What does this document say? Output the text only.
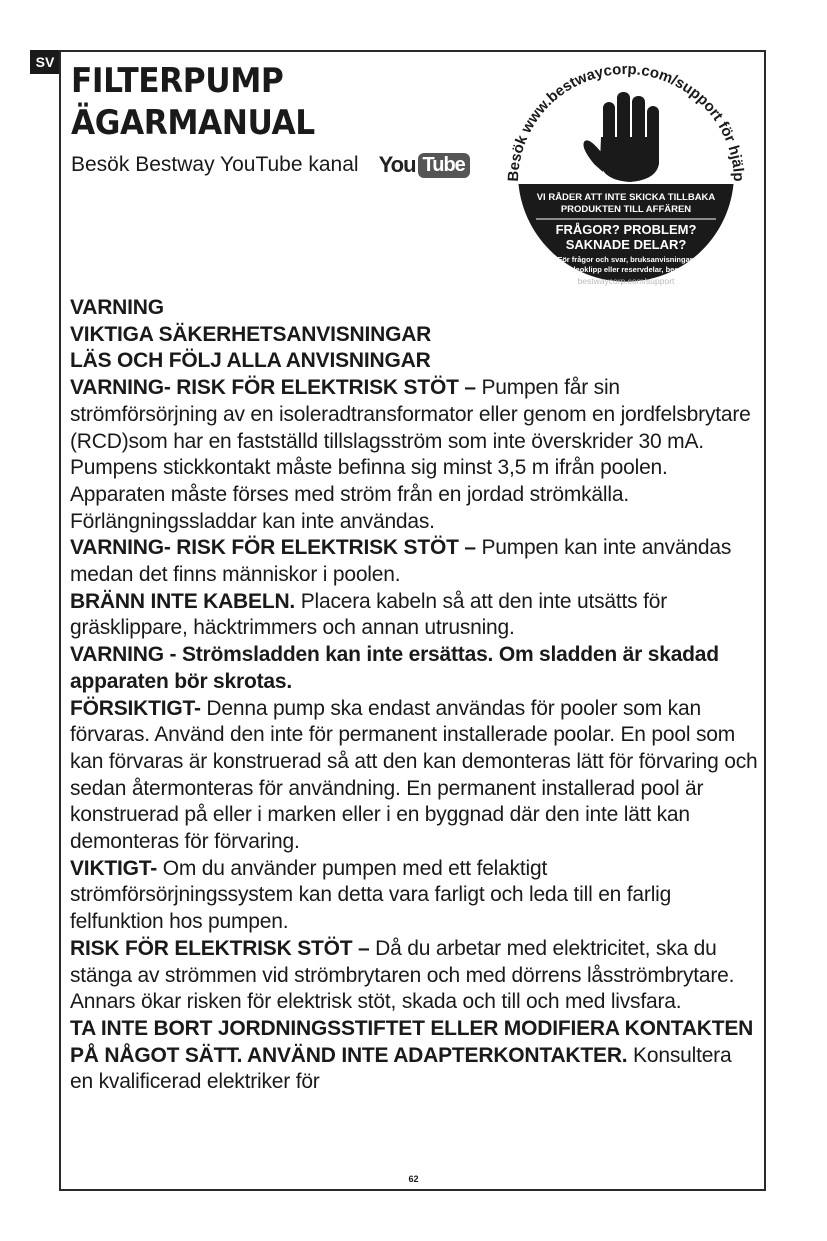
SV FILTERPUMP
ÄGARMANUAL
Besök Bestway YouTube kanal You Tube
Besök www.bestwaycorp.com/support för hjälp
VI RÅDER ATT INTE SKICKA TILLBAKA
PRODUKTEN TILL AFFÄREN
FRÅGOR? PROBLEM?
SAKNADE DELAR?
För frågor och svar, bruksanvisningar,
videoklipp eller reservdelar, besök
bestwaycorp.com/support

VARNING

VIKTIGA SÄKERHETSANVISNINGAR

LÄS OCH FÖLJ ALLA ANVISNINGAR

VARNING- RISK FÖR ELEKTRISK STÖT – Pumpen får sin strömförsörjning av en isoleradtransformator eller genom en jordfelsbrytare (RCD)som har en fastställd tillslagsström som inte överskrider 30 mA.

Pumpens stickkontakt måste befinna sig minst 3,5 m ifrån poolen. Apparaten måste förses med ström från en jordad strömkälla. Förlängningssladdar kan inte användas.

VARNING- RISK FÖR ELEKTRISK STÖT – Pumpen kan inte användas medan det finns människor i poolen.

BRÄNN INTE KABELN. Placera kabeln så att den inte utsätts för gräsklippare, häcktrimmers och annan utrusning.

VARNING - Strömsladden kan inte ersättas. Om sladden är skadad apparaten bör skrotas.

FÖRSIKTIGT- Denna pump ska endast användas för pooler som kan förvaras. Använd den inte för permanent installerade poolar. En pool som kan förvaras är konstruerad så att den kan demonteras lätt för förvaring och sedan återmonteras för användning. En permanent installerad pool är konstruerad på eller i marken eller i en byggnad där den inte lätt kan demonteras för förvaring.

VIKTIGT- Om du använder pumpen med ett felaktigt strömförsörjningssystem kan detta vara farligt och leda till en farlig felfunktion hos pumpen.

RISK FÖR ELEKTRISK STÖT – Då du arbetar med elektricitet, ska du stänga av strömmen vid strömbrytaren och med dörrens låsströmbrytare. Annars ökar risken för elektrisk stöt, skada och till och med livsfara.

TA INTE BORT JORDNINGSSTIFTET ELLER MODIFIERA KONTAKTEN PÅ NÅGOT SÄTT. ANVÄND INTE ADAPTERKONTAKTER. Konsultera en kvalificerad elektriker för

62
